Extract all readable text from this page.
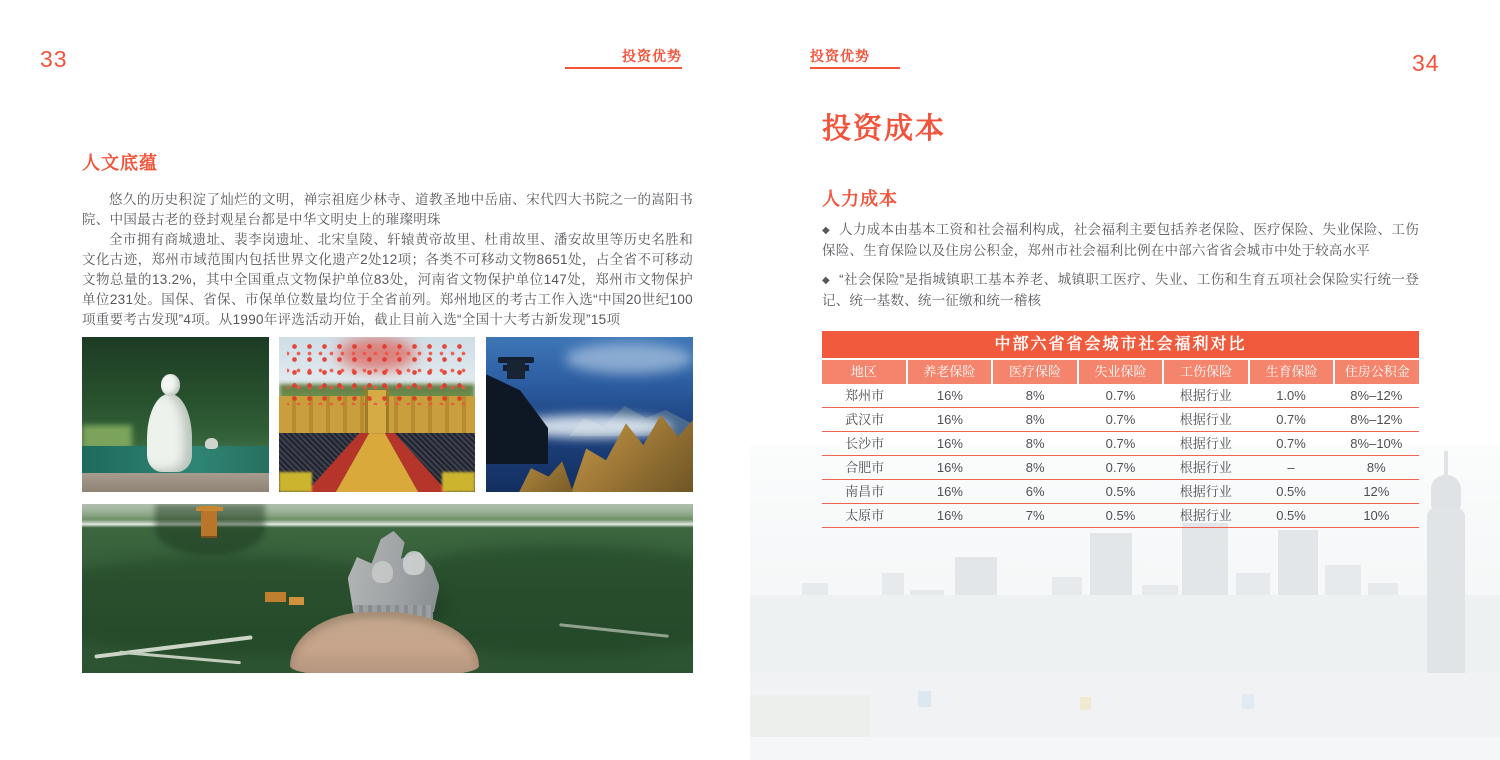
33	投资优势
人文底蕴

悠久的历史积淀了灿烂的文明，禅宗祖庭少林寺、道教圣地中岳庙、宋代四大书院之一的嵩阳书院、中国最古老的登封观星台都是中华文明史上的璀璨明珠

全市拥有商城遗址、裴李岗遗址、北宋皇陵、轩辕黄帝故里、杜甫故里、潘安故里等历史名胜和文化古迹，郑州市域范围内包括世界文化遗产2处12项；各类不可移动文物8651处，占全省不可移动文物总量的13.2%，其中全国重点文物保护单位83处，河南省文物保护单位147处，郑州市文物保护单位231处。国保、省保、市保单位数量均位于全省前列。郑州地区的考古工作入选“中国20世纪100项重要考古发现”4项。从1990年评选活动开始，截止目前入选“全国十大考古新发现”15项

34
投资优势
投资成本
人力成本

◆ 人力成本由基本工资和社会福利构成，社会福利主要包括养老保险、医疗保险、失业保险、工伤保险、生育保险以及住房公积金，郑州市社会福利比例在中部六省省会城市中处于较高水平

◆ “社会保险”是指城镇职工基本养老、城镇职工医疗、失业、工伤和生育五项社会保险实行统一登记、统一基数、统一征缴和统一稽核

中部六省省会城市社会福利对比
地区	养老保险	医疗保险	失业保险	工伤保险	生育保险	住房公积金
郑州市	16%	8%	0.7%	根据行业	1.0%	8%–12%
武汉市	16%	8%	0.7%	根据行业	0.7%	8%–12%
长沙市	16%	8%	0.7%	根据行业	0.7%	8%–10%
合肥市	16%	8%	0.7%	根据行业	–	8%
南昌市	16%	6%	0.5%	根据行业	0.5%	12%
太原市	16%	7%	0.5%	根据行业	0.5%	10%
